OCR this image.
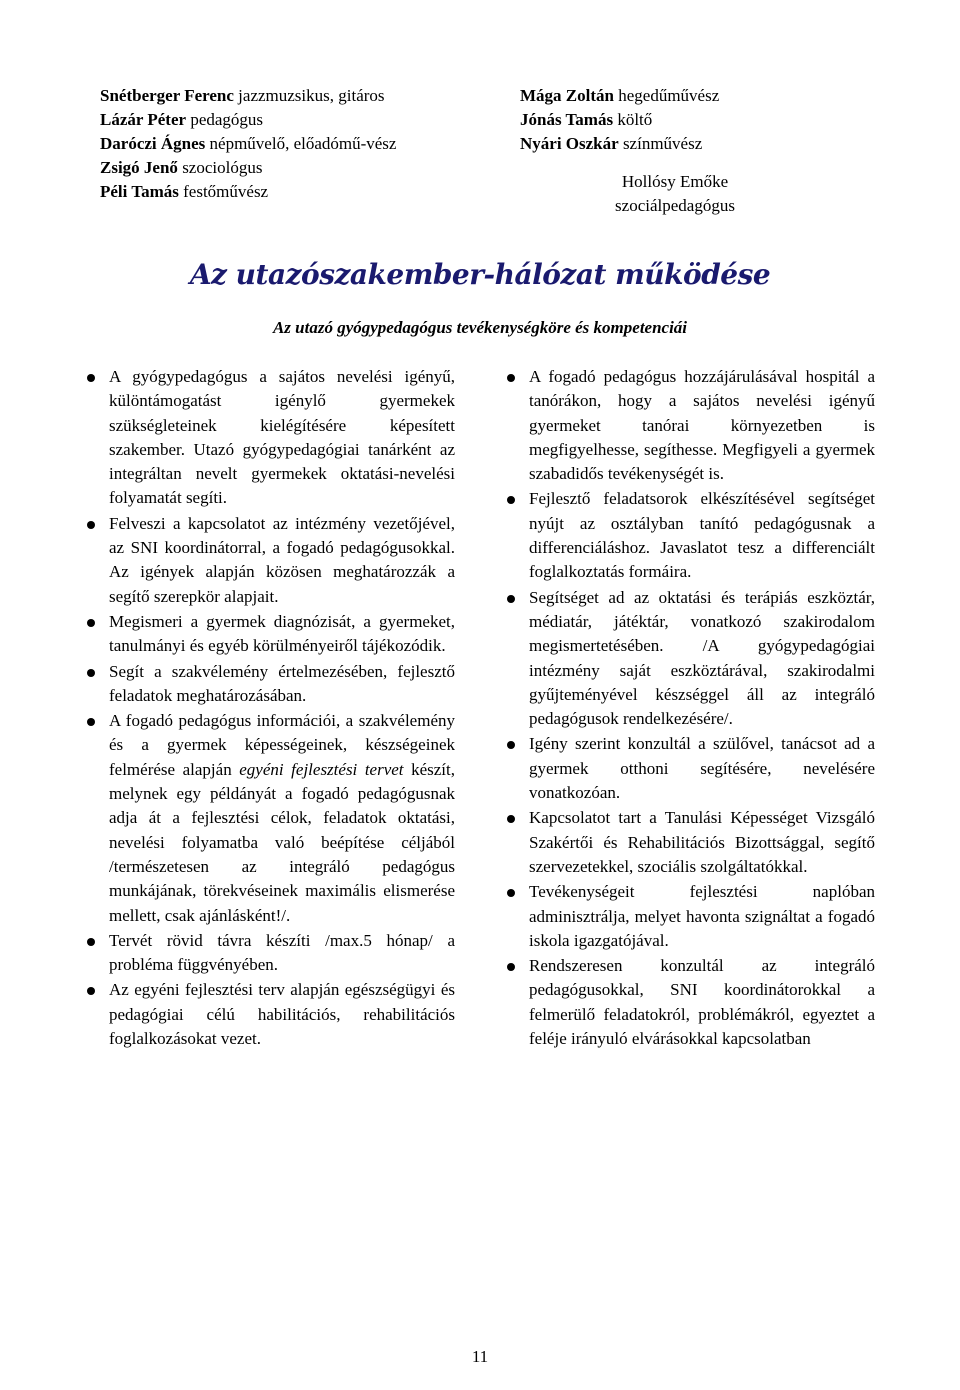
Snétberger Ferenc jazzmuzsikus, gitáros
Lázár Péter pedagógus
Daróczi Ágnes népművelő, előadómű-vész
Zsigó Jenő szociológus
Péli Tamás festőművész
Mága Zoltán hegedűművész
Jónás Tamás költő
Nyári Oszkár színművész
Hollósy Emőke
szociálpedagógus
Az utazószakember-hálózat működése
Az utazó gyógypedagógus tevékenységköre és kompetenciái
A gyógypedagógus a sajátos nevelési igényű, különtámogatást igénylő gyermekek szükségleteinek kielégítésére képesített szakember. Utazó gyógypedagógiai tanárként az integráltan nevelt gyermekek oktatási-nevelési folyamatát segíti.
Felveszi a kapcsolatot az intézmény vezetőjével, az SNI koordinátorral, a fogadó pedagógusokkal. Az igények alapján közösen meghatározzák a segítő szerepkör alapjait.
Megismeri a gyermek diagnózisát, a gyermeket, tanulmányi és egyéb körülményeiről tájékozódik.
Segít a szakvélemény értelmezésében, fejlesztő feladatok meghatározásában.
A fogadó pedagógus információi, a szakvélemény és a gyermek képességeinek, készségeinek felmérése alapján egyéni fejlesztési tervet készít, melynek egy példányát a fogadó pedagógusnak adja át a fejlesztési célok, feladatok oktatási, nevelési folyamatba való beépítése céljából /természetesen az integráló pedagógus munkájának, törekvéseinek maximális elismerése mellett, csak ajánlásként!/.
Tervét rövid távra készíti /max.5 hónap/ a probléma függvényében.
Az egyéni fejlesztési terv alapján egészségügyi és pedagógiai célú habilitációs, rehabilitációs foglalkozásokat vezet.
A fogadó pedagógus hozzájárulásával hospitál a tanórákon, hogy a sajátos nevelési igényű gyermeket tanórai környezetben is megfigyelhesse, segíthesse. Megfigyeli a gyermek szabadidős tevékenységét is.
Fejlesztő feladatsorok elkészítésével segítséget nyújt az osztályban tanító pedagógusnak a differenciáláshoz. Javaslatot tesz a differenciált foglalkoztatás formáira.
Segítséget ad az oktatási és terápiás eszköztár, médiatár, játéktár, vonatkozó szakirodalom megismertetésében. /A gyógypedagógiai intézmény saját eszköztárával, szakirodalmi gyűjteményével készséggel áll az integráló pedagógusok rendelkezésére/.
Igény szerint konzultál a szülővel, tanácsot ad a gyermek otthoni segítésére, nevelésére vonatkozóan.
Kapcsolatot tart a Tanulási Képességet Vizsgáló Szakértői és Rehabilitációs Bizottsággal, segítő szervezetekkel, szociális szolgáltatókkal.
Tevékenységeit fejlesztési naplóban adminisztrálja, melyet havonta szignáltat a fogadó iskola igazgatójával.
Rendszeresen konzultál az integráló pedagógusokkal, SNI koordinátorokkal a felmerülő feladatokról, problémákról, egyeztet a feléje irányuló elvárásokkal kapcsolatban
11
